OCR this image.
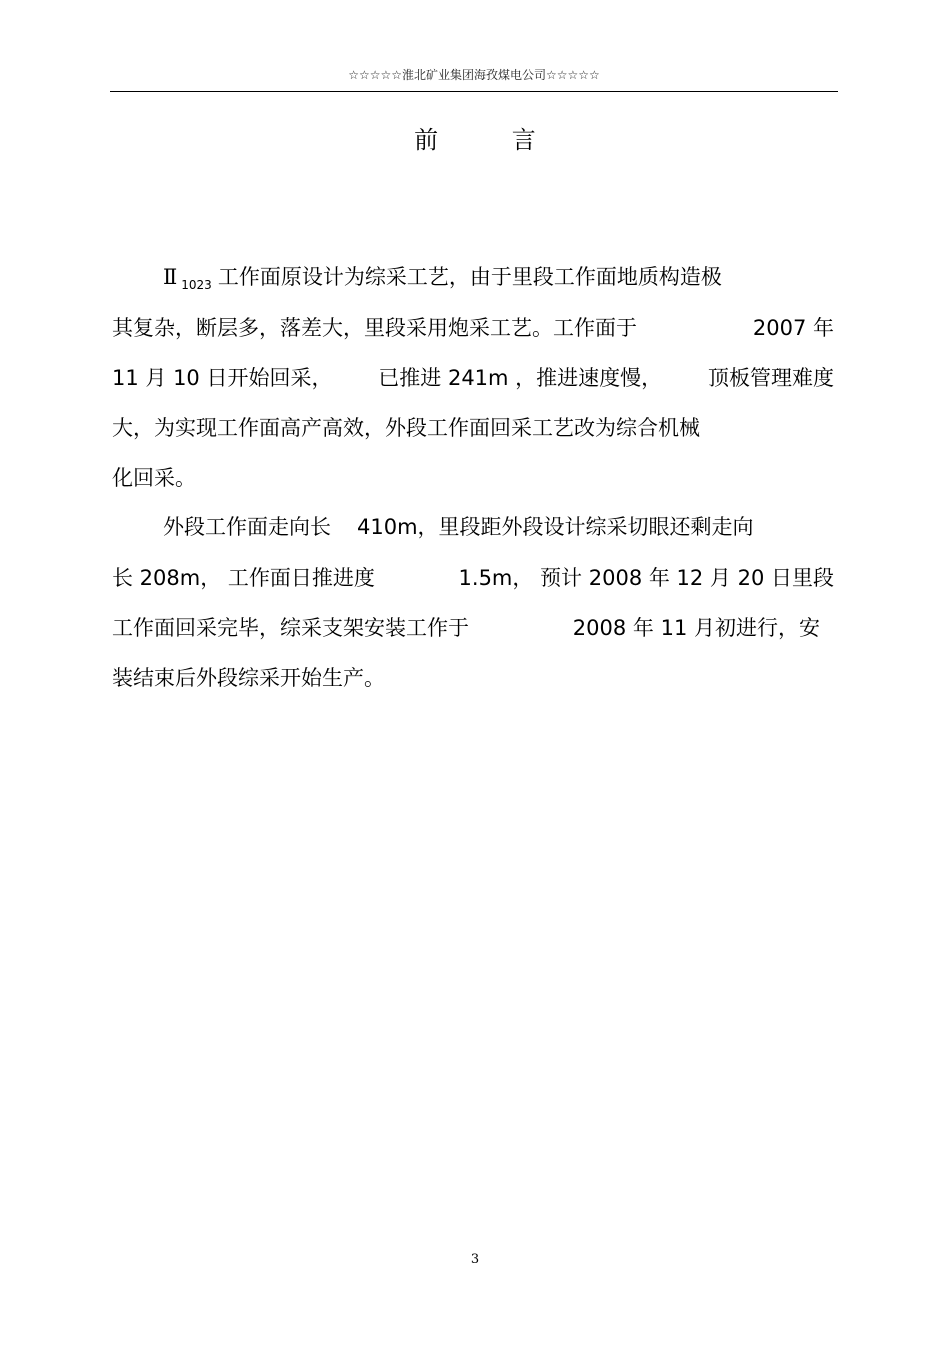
☆☆☆☆☆淮北矿业集团海孜煤电公司☆☆☆☆☆
前 言
Ⅱ $_{1023}$ 工作面原设计为综采工艺，由于里段工作面地质构造极
其复杂，断层多，落差大，里段采用炮采工艺。工作面于	2007 年
11 月 10 日开始回采， 已推进 241m ，推进速度慢， 顶板管理难度
大，为实现工作面高产高效，外段工作面回采工艺改为综合机械
化回采。
外段工作面走向长 410m，里段距外段设计综采切眼还剩走向
长 208m， 工作面日推进度	1.5m， 预计 2008 年 12 月 20 日里段
工作面回采完毕，综采支架安装工作于	2008 年 11 月初进行，安
装结束后外段综采开始生产。
3
